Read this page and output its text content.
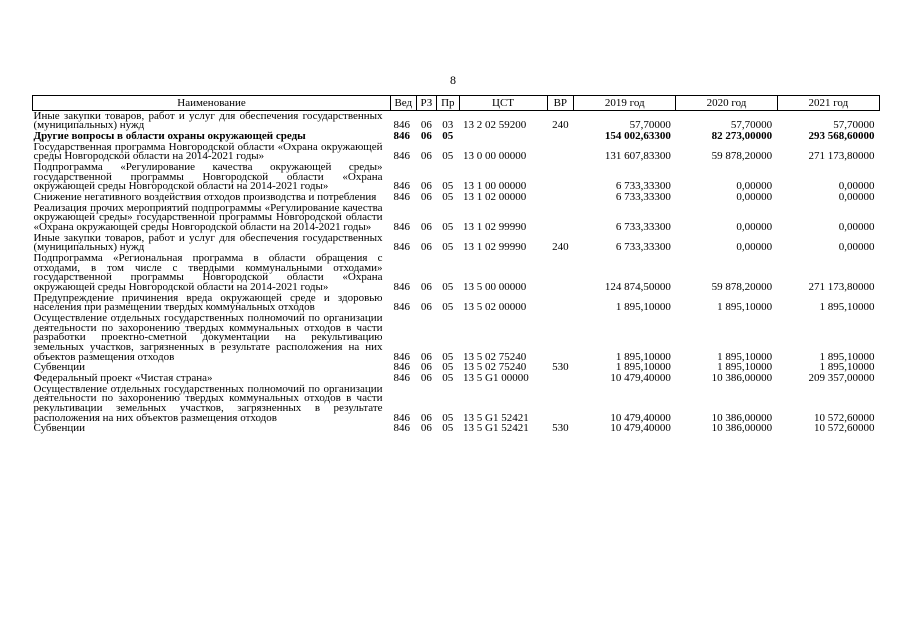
8
Наименование	Вед	РЗ	Пр	ЦСТ	ВР	2019 год	2020 год	2021 год
Иные закупки товаров, работ и услуг для обеспечения государственных (муниципальных) нужд	846	06	03	13 2 02 59200	240	57,70000	57,70000	57,70000
Другие вопросы в области охраны окружающей среды	846	06	05			154 002,63300	82 273,00000	293 568,60000
Государственная программа Новгородской области «Охрана окружающей среды Новгородской области на 2014-2021 годы»	846	06	05	13 0 00 00000		131 607,83300	59 878,20000	271 173,80000
Подпрограмма «Регулирование качества окружающей среды» государственной программы Новгородской области «Охрана окружающей среды Новгородской области на 2014-2021 годы»	846	06	05	13 1 00 00000		6 733,33300	0,00000	0,00000
Снижение негативного воздействия отходов производства и потребления	846	06	05	13 1 02 00000		6 733,33300	0,00000	0,00000
Реализация прочих мероприятий подпрограммы «Регулирование качества окружающей среды» государственной программы Новгородской области «Охрана окружающей среды Новгородской области на 2014-2021 годы»	846	06	05	13 1 02 99990		6 733,33300	0,00000	0,00000
Иные закупки товаров, работ и услуг для обеспечения государственных (муниципальных) нужд	846	06	05	13 1 02 99990	240	6 733,33300	0,00000	0,00000
Подпрограмма «Региональная программа в области обращения с отходами, в том числе с твердыми коммунальными отходами» государственной программы Новгородской области «Охрана окружающей среды Новгородской области на 2014-2021 годы»	846	06	05	13 5 00 00000		124 874,50000	59 878,20000	271 173,80000
Предупреждение причинения вреда окружающей среде и здоровью населения при размещении твердых коммунальных отходов	846	06	05	13 5 02 00000		1 895,10000	1 895,10000	1 895,10000
Осуществление отдельных государственных полномочий по организации деятельности по захоронению твердых коммунальных отходов в части разработки проектно-сметной документации на рекультивацию земельных участков, загрязненных в результате расположения на них объектов размещения отходов	846	06	05	13 5 02 75240		1 895,10000	1 895,10000	1 895,10000
Субвенции	846	06	05	13 5 02 75240	530	1 895,10000	1 895,10000	1 895,10000
Федеральный проект «Чистая страна»	846	06	05	13 5 G1 00000		10 479,40000	10 386,00000	209 357,00000
Осуществление отдельных государственных полномочий по организации деятельности по захоронению твердых коммунальных отходов в части рекультивации земельных участков, загрязненных в результате расположения на них объектов размещения отходов	846	06	05	13 5 G1 52421		10 479,40000	10 386,00000	10 572,60000
Субвенции	846	06	05	13 5 G1 52421	530	10 479,40000	10 386,00000	10 572,60000
